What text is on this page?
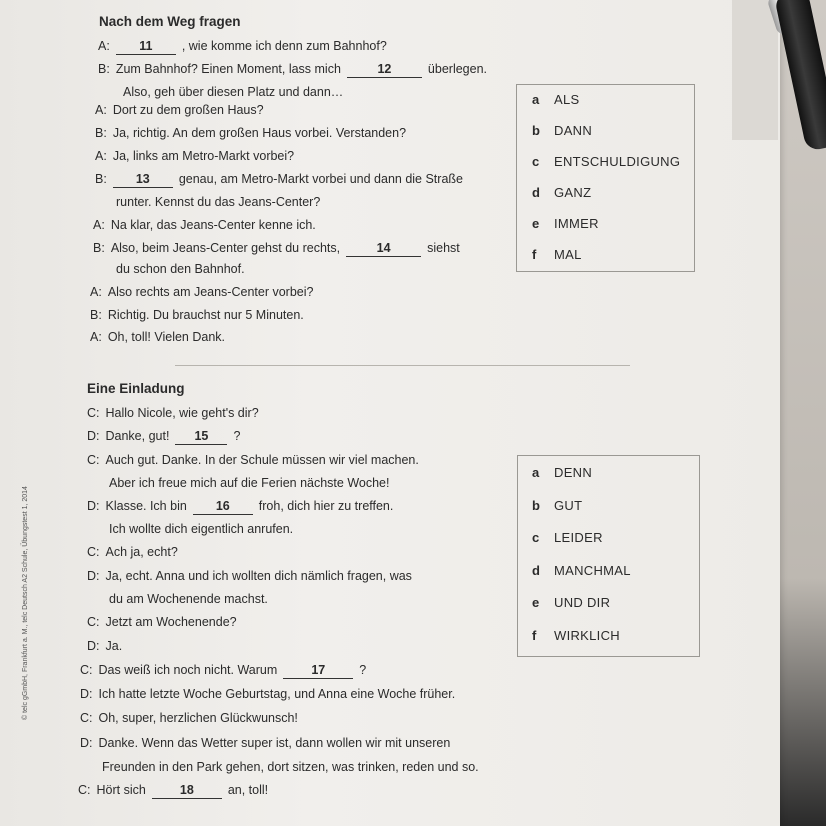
© telc gGmbH, Frankfurt a. M., telc Deutsch A2 Schule, Übungstest 1, 2014
Nach dem Weg fragen
A: 11 , wie komme ich denn zum Bahnhof?
B: Zum Bahnhof? Einen Moment, lass mich	12	überlegen.
Also, geh über diesen Platz und dann…
A: Dort zu dem großen Haus?
B: Ja, richtig. An dem großen Haus vorbei. Verstanden?
A: Ja, links am Metro-Markt vorbei?
B: 13 genau, am Metro-Markt vorbei und dann die Straße
runter. Kennst du das Jeans-Center?
A: Na klar, das Jeans-Center kenne ich.
B: Also, beim Jeans-Center gehst du rechts,	14	siehst
du schon den Bahnhof.
A: Also rechts am Jeans-Center vorbei?
B: Richtig. Du brauchst nur 5 Minuten.
A: Oh, toll! Vielen Dank.
a ALS
b DANN
c ENTSCHULDIGUNG
d GANZ
e IMMER
f MAL
Eine Einladung
C: Hallo Nicole, wie geht's dir?
D: Danke, gut! 15 ?
C: Auch gut. Danke. In der Schule müssen wir viel machen.
Aber ich freue mich auf die Ferien nächste Woche!
D: Klasse. Ich bin 16 froh, dich hier zu treffen.
Ich wollte dich eigentlich anrufen.
C: Ach ja, echt?
D: Ja, echt. Anna und ich wollten dich nämlich fragen, was
du am Wochenende machst.
C: Jetzt am Wochenende?
D: Ja.
C: Das weiß ich noch nicht. Warum	17	?
D: Ich hatte letzte Woche Geburtstag, und Anna eine Woche früher.
C: Oh, super, herzlichen Glückwunsch!
D: Danke. Wenn das Wetter super ist, dann wollen wir mit unseren
Freunden in den Park gehen, dort sitzen, was trinken, reden und so.
C: Hört sich	18	an, toll!
a DENN
b GUT
c LEIDER
d MANCHMAL
e UND DIR
f WIRKLICH
